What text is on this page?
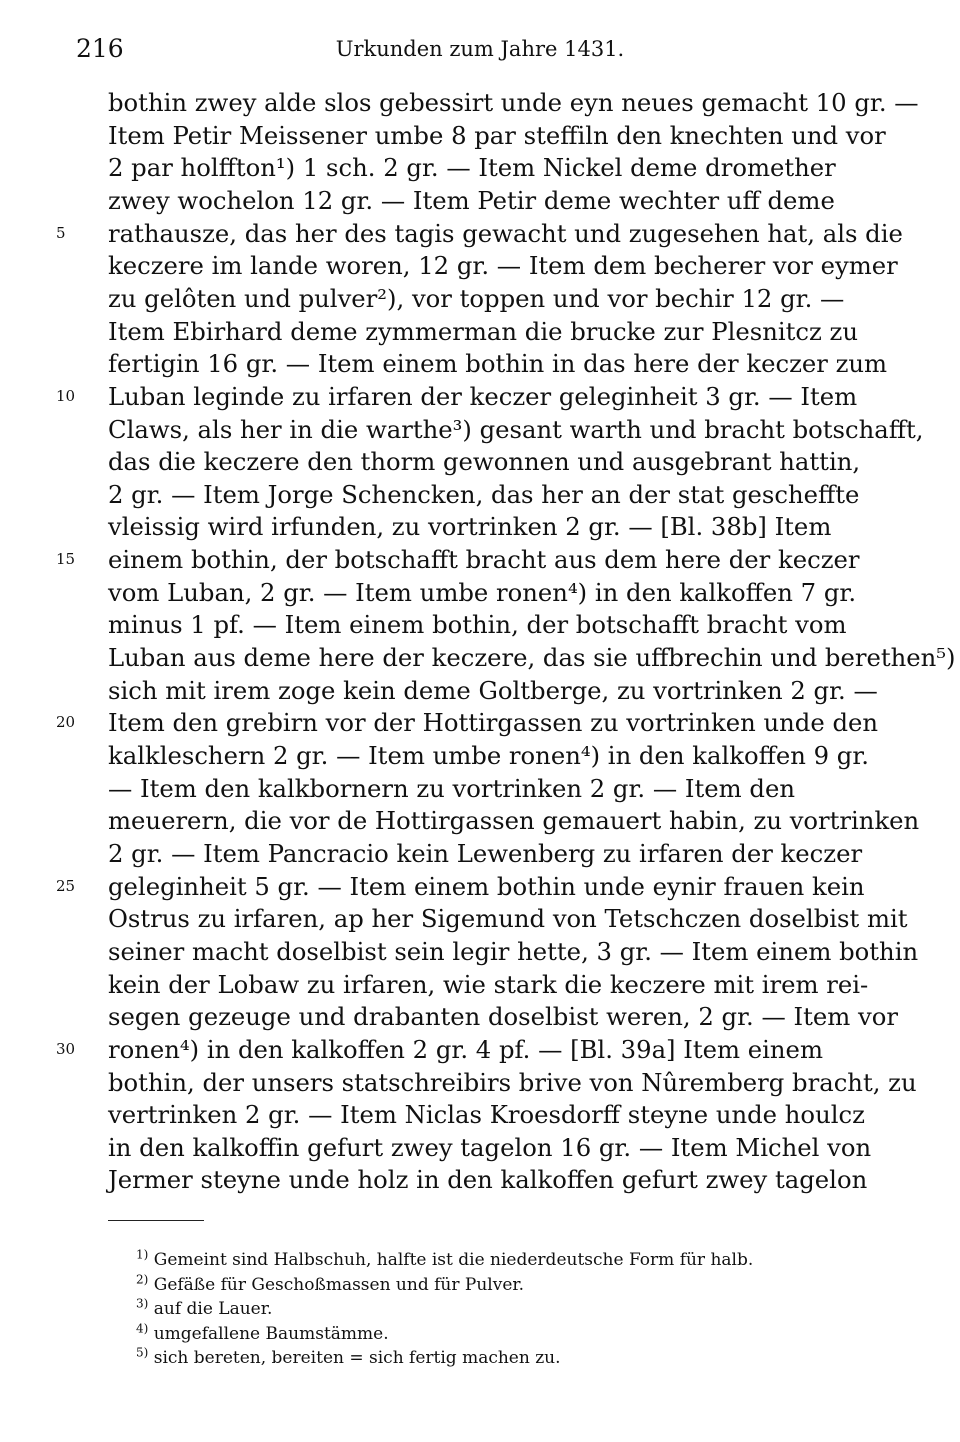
216	Urkunden zum Jahre 1431.
bothin zwey alde slos gebessirt unde eyn neues gemacht 10 gr. —
Item Petir Meissener umbe 8 par steffiln den knechten und vor
2 par holffton¹) 1 sch. 2 gr. — Item Nickel deme dromether
zwey wochelon 12 gr. — Item Petir deme wechter uff deme
rathausze, das her des tagis gewacht und zugesehen hat, als die
5
keczere im lande woren, 12 gr. — Item dem becherer vor eymer
zu gelôten und pulver²), vor toppen und vor bechir 12 gr. —
Item Ebirhard deme zymmerman die brucke zur Plesnitcz zu
fertigin 16 gr. — Item einem bothin in das here der keczer zum
Luban leginde zu irfaren der keczer geleginheit 3 gr. — Item
10
Claws, als her in die warthe³) gesant warth und bracht botschafft,
das die keczere den thorm gewonnen und ausgebrant hattin,
2 gr. — Item Jorge Schencken, das her an der stat gescheffte
vleissig wird irfunden, zu vortrinken 2 gr. — [Bl. 38b] Item
einem bothin, der botschafft bracht aus dem here der keczer
15
vom Luban, 2 gr. — Item umbe ronen⁴) in den kalkoffen 7 gr.
minus 1 pf. — Item einem bothin, der botschafft bracht vom
Luban aus deme here der keczere, das sie uffbrechin und berethen⁵)
sich mit irem zoge kein deme Goltberge, zu vortrinken 2 gr. —
Item den grebirn vor der Hottirgassen zu vortrinken unde den
20
kalkleschern 2 gr. — Item umbe ronen⁴) in den kalkoffen 9 gr.
— Item den kalkbornern zu vortrinken 2 gr. — Item den
meuerern, die vor de Hottirgassen gemauert habin, zu vortrinken
2 gr. — Item Pancracio kein Lewenberg zu irfaren der keczer
geleginheit 5 gr. — Item einem bothin unde eynir frauen kein
25
Ostrus zu irfaren, ap her Sigemund von Tetschczen doselbist mit
seiner macht doselbist sein legir hette, 3 gr. — Item einem bothin
kein der Lobaw zu irfaren, wie stark die keczere mit irem rei-
segen gezeuge und drabanten doselbist weren, 2 gr. — Item vor
ronen⁴) in den kalkoffen 2 gr. 4 pf. — [Bl. 39a] Item einem
30
bothin, der unsers statschreibirs brive von Nûremberg bracht, zu
vertrinken 2 gr. — Item Niclas Kroesdorff steyne unde houlcz
in den kalkoffin gefurt zwey tagelon 16 gr. — Item Michel von
Jermer steyne unde holz in den kalkoffen gefurt zwey tagelon
$^{1)}$ Gemeint sind Halbschuh, halfte ist die niederdeutsche Form für halb.
$^{2)}$ Gefäße für Geschoßmassen und für Pulver.
$^{3)}$ auf die Lauer.
$^{4)}$ umgefallene Baumstämme.
$^{5)}$ sich bereten, bereiten = sich fertig machen zu.
